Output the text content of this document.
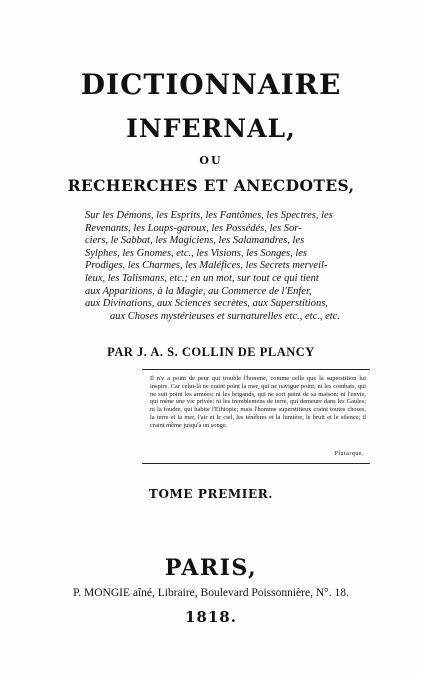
DICTIONNAIRE
INFERNAL,
OU
RECHERCHES ET ANECDOTES,
Sur les Démons, les Esprits, les Fantômes, les Spectres, les
Revenants, les Loups-garoux, les Possédés, les Sor-
ciers, le Sabbat, les Magiciens, les Salamandres, les
Sylphes, les Gnomes, etc., les Visions, les Songes, les
Prodiges, les Charmes, les Maléfices, les Secrets merveil-
leux, les Talismans, etc.; en un mot, sur tout ce qui tient
aux Apparitions, à la Magie, au Commerce de l'Enfer,
aux Divinations, aux Sciences secrètes, aux Superstitions,
aux Choses mystérieuses et surnaturelles etc., etc., etc.
PAR J. A. S. COLLIN DE PLANCY
Il n'y a point de peur qui trouble l'homme, comme celle que la superstition lui inspire. Car celui-là ne craint point la mer, qui ne navigue point; ni les combats, qui ne suit point les armées; ni les brigands, qui ne sort point de sa maison; ni l'envie, qui mène une vie privée; ni les tremblemens de terre, qui demeure dans les Gaules; ni la foudre, qui habite l'Ethiopie; mais l'homme superstitieux craint toutes choses, la terre et la mer, l'air et le ciel, les ténèbres et la lumière, le bruit et le silence; il craint même jusqu'à un songe.
Plutarque.
TOME PREMIER.
PARIS,
P. MONGIE aîné, Libraire, Boulevard Poissonnière, N°. 18.
1818.
